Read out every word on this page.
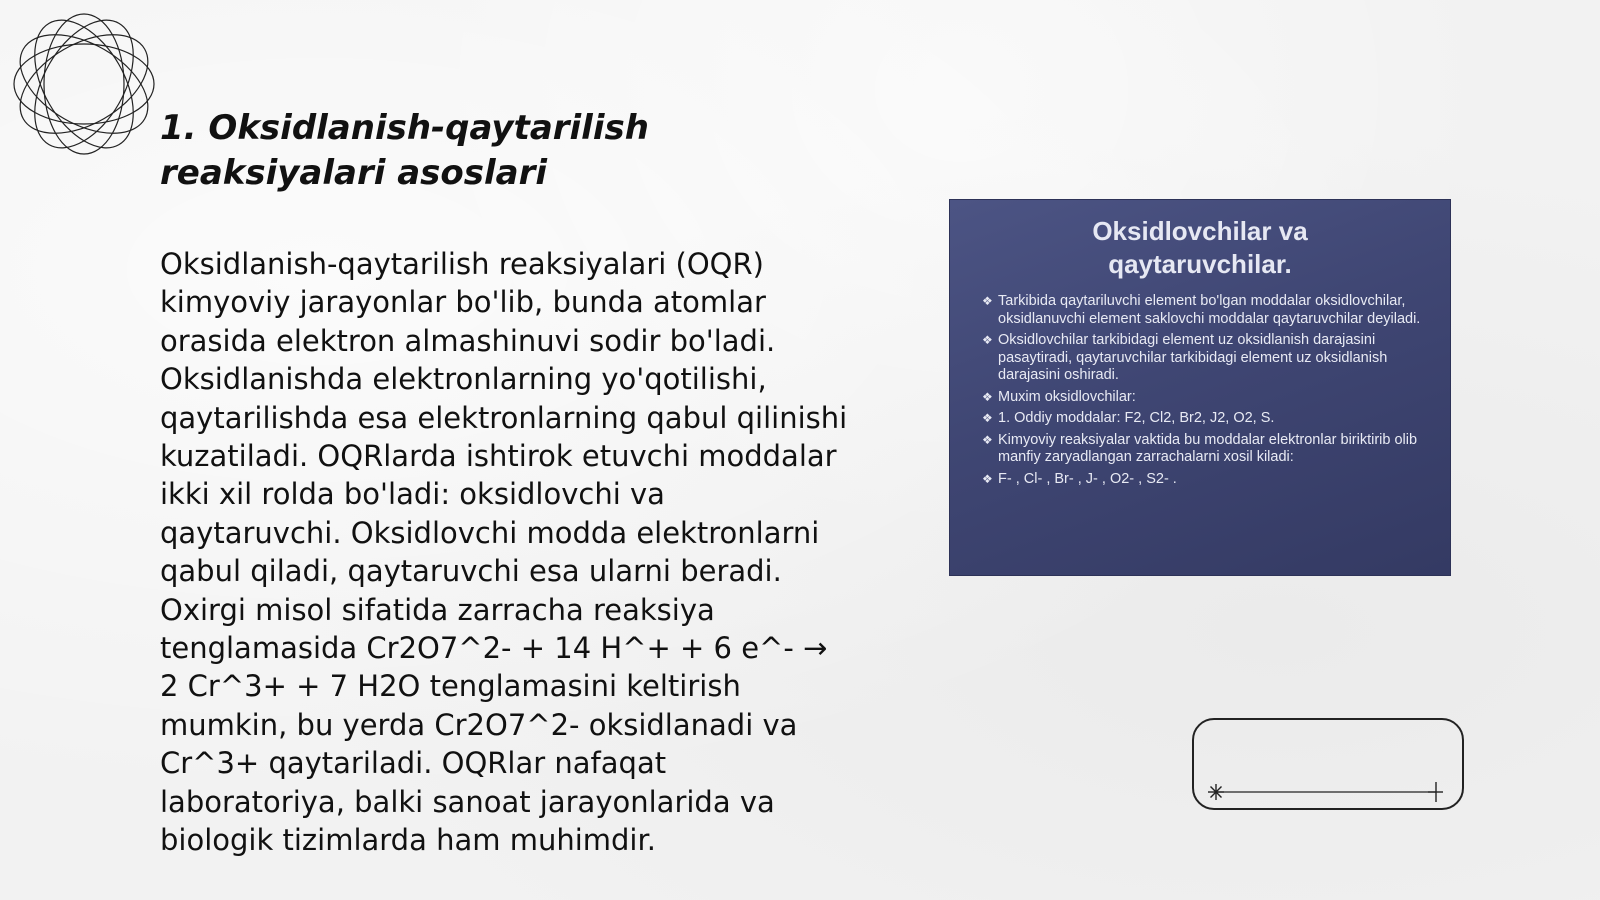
1. Oksidlanish-qaytarilish reaksiyalari asoslari

Oksidlanish-qaytarilish reaksiyalari (OQR) kimyoviy jarayonlar bo'lib, bunda atomlar orasida elektron almashinuvi sodir bo'ladi. Oksidlanishda elektronlarning yo'qotilishi, qaytarilishda esa elektronlarning qabul qilinishi kuzatiladi. OQRlarda ishtirok etuvchi moddalar ikki xil rolda bo'ladi: oksidlovchi va qaytaruvchi. Oksidlovchi modda elektronlarni qabul qiladi, qaytaruvchi esa ularni beradi. Oxirgi misol sifatida zarracha reaksiya tenglamasida Cr2O7^2- + 14 H^+ + 6 e^- → 2 Cr^3+ + 7 H2O tenglamasini keltirish mumkin, bu yerda Cr2O7^2- oksidlanadi va Cr^3+ qaytariladi. OQRlar nafaqat laboratoriya, balki sanoat jarayonlarida va biologik tizimlarda ham muhimdir.

Oksidlovchilar va
qaytaruvchilar.
❖ Tarkibida qaytariluvchi element bo'lgan moddalar oksidlovchilar, oksidlanuvchi element saklovchi moddalar qaytaruvchilar deyiladi.
❖ Oksidlovchilar tarkibidagi element uz oksidlanish darajasini pasaytiradi, qaytaruvchilar tarkibidagi element uz oksidlanish darajasini oshiradi.
❖ Muxim oksidlovchilar:
❖ 1. Oddiy moddalar: F2, Cl2, Br2, J2, O2, S.
❖ Kimyoviy reaksiyalar vaktida bu moddalar elektronlar biriktirib olib manfiy zaryadlangan zarrachalarni xosil kiladi:
❖ F- , Cl- , Br- , J- , O2- , S2- .
